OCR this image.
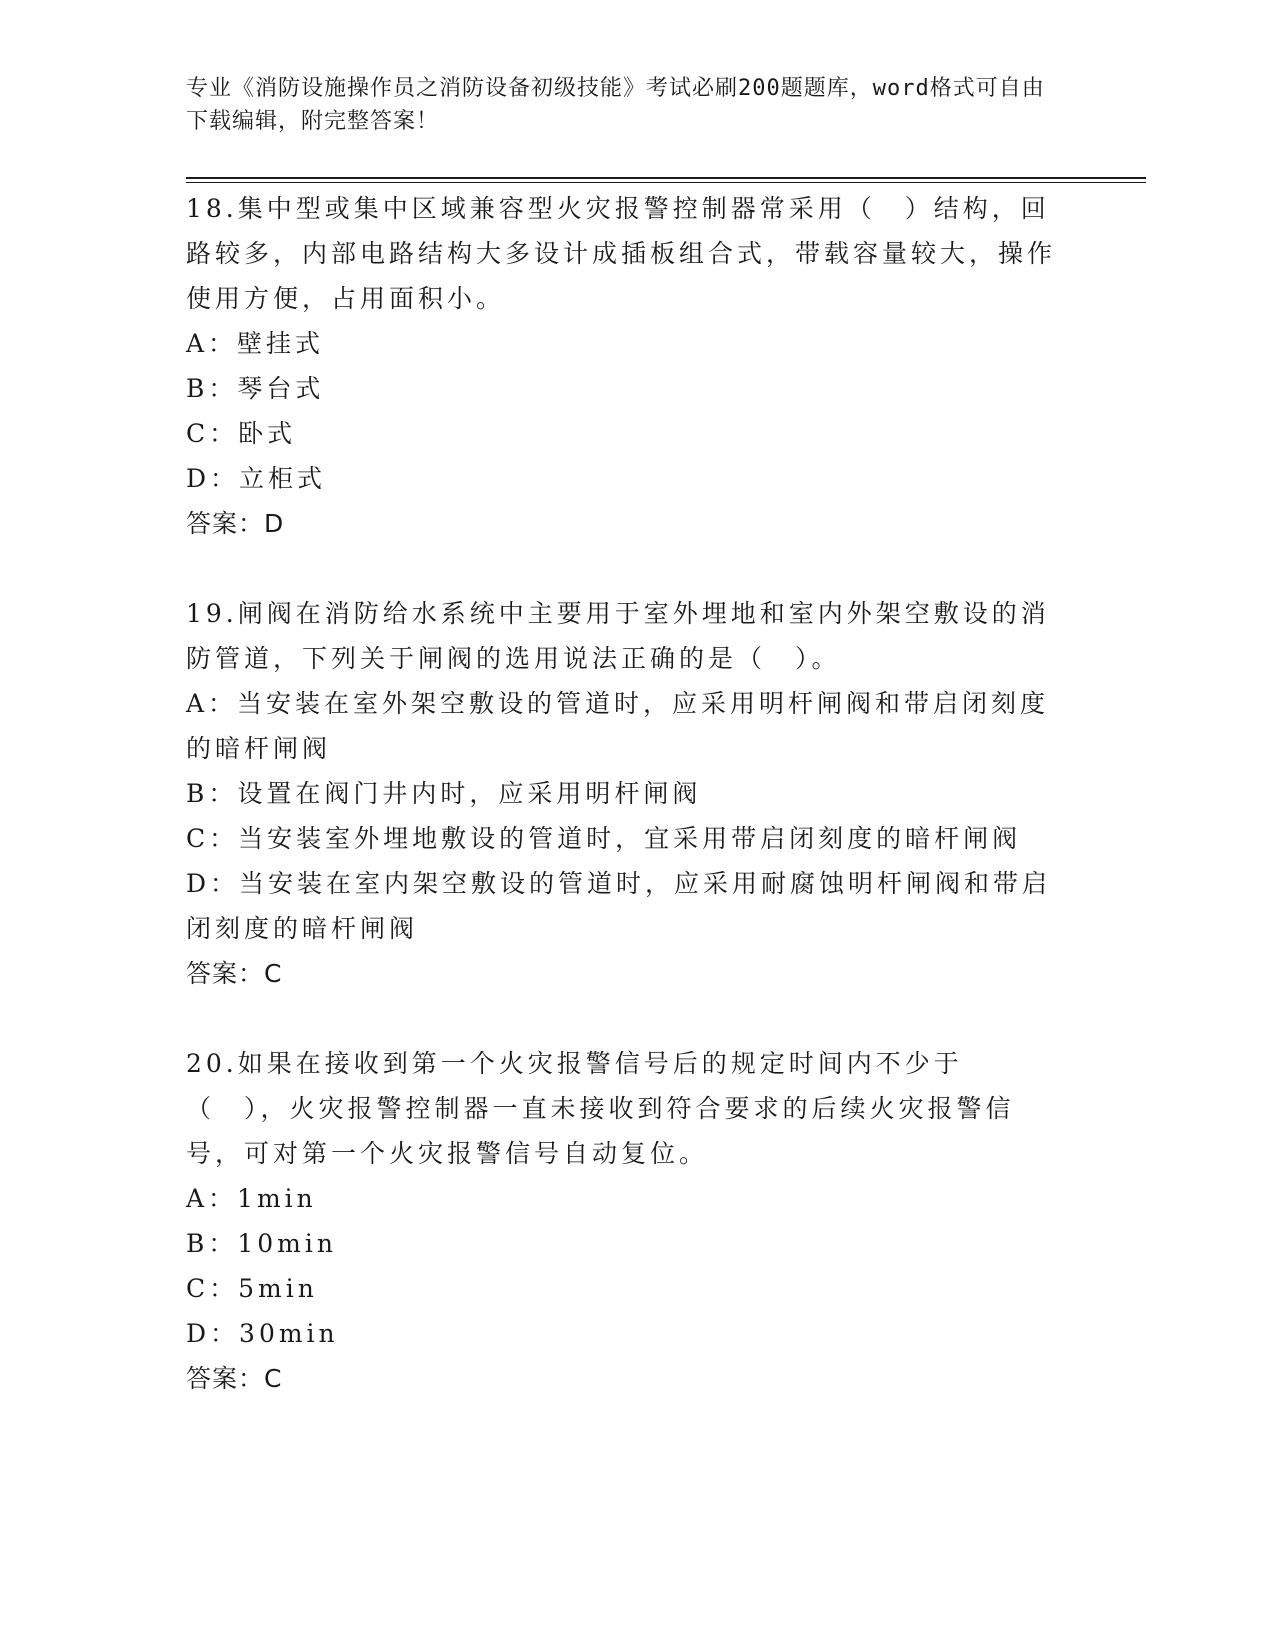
专业《消防设施操作员之消防设备初级技能》考试必刷200题题库，word格式可自由下载编辑，附完整答案！

18.集中型或集中区域兼容型火灾报警控制器常采用（　）结构，回路较多，内部电路结构大多设计成插板组合式，带载容量较大，操作使用方便，占用面积小。

A：壁挂式

B：琴台式

C：卧式

D：立柜式

答案：D

19.闸阀在消防给水系统中主要用于室外埋地和室内外架空敷设的消防管道，下列关于闸阀的选用说法正确的是（　）。

A：当安装在室外架空敷设的管道时，应采用明杆闸阀和带启闭刻度的暗杆闸阀

B：设置在阀门井内时，应采用明杆闸阀

C：当安装室外埋地敷设的管道时，宜采用带启闭刻度的暗杆闸阀

D：当安装在室内架空敷设的管道时，应采用耐腐蚀明杆闸阀和带启闭刻度的暗杆闸阀

答案：C

20.如果在接收到第一个火灾报警信号后的规定时间内不少于（　），火灾报警控制器一直未接收到符合要求的后续火灾报警信号，可对第一个火灾报警信号自动复位。

A：1min

B：10min

C：5min

D：30min

答案：C
